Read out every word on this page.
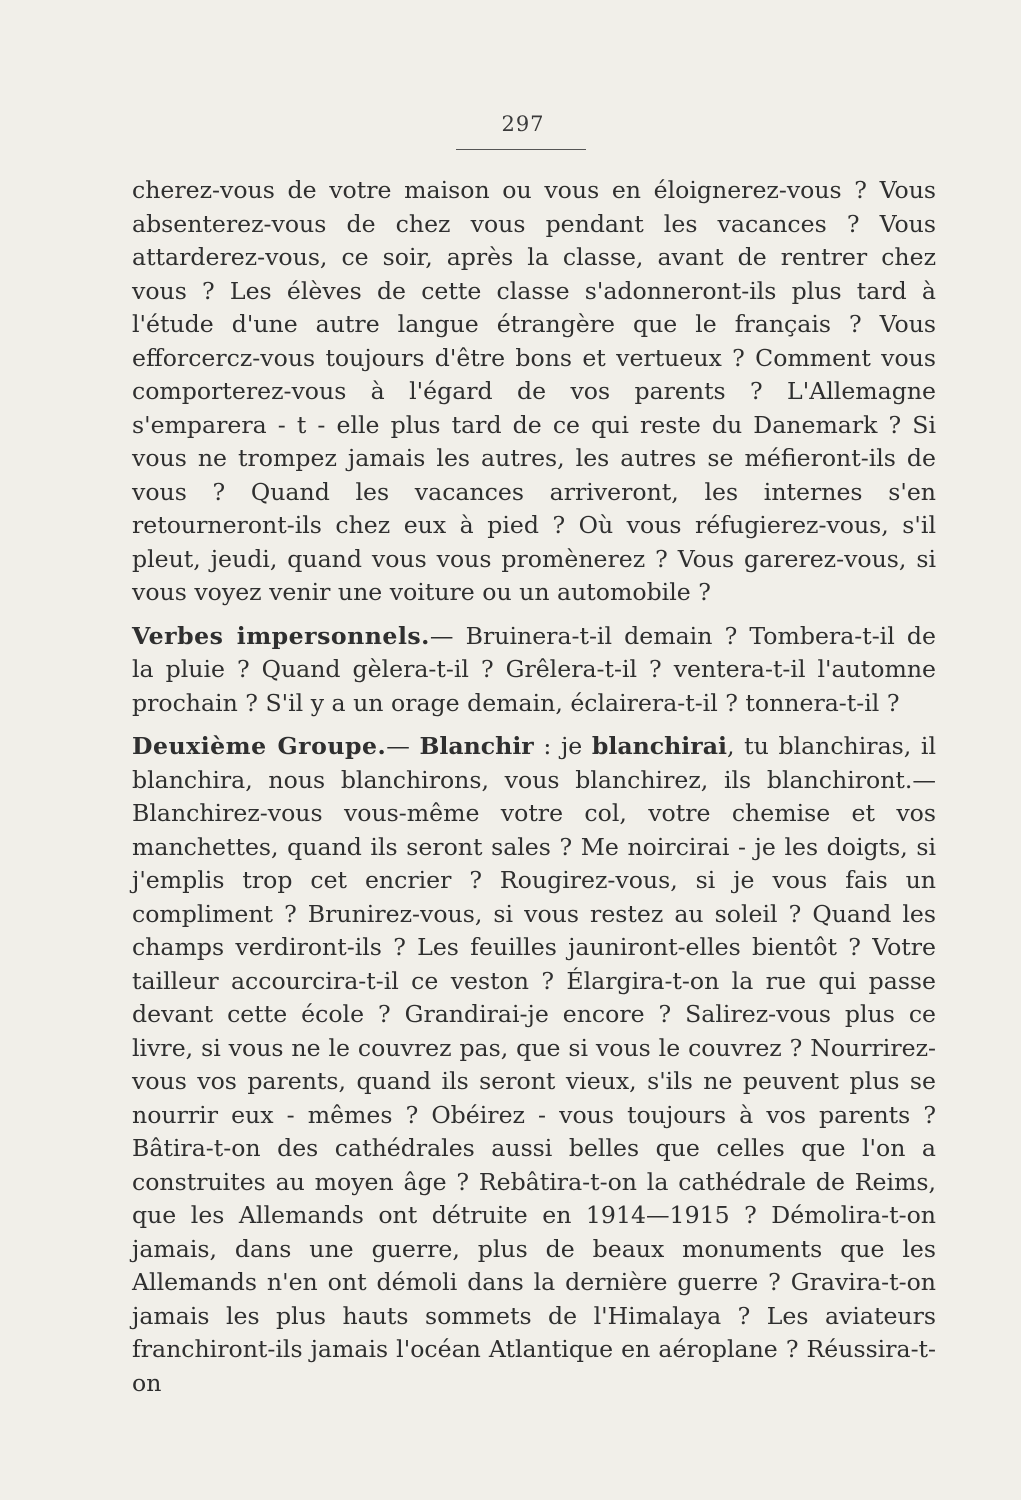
297

cherez-vous de votre maison ou vous en éloignerez-vous ? Vous absenterez-vous de chez vous pendant les vacances ? Vous attarderez-vous, ce soir, après la classe, avant de rentrer chez vous ? Les élèves de cette classe s'adonneront-ils plus tard à l'étude d'une autre langue étrangère que le français ? Vous efforcercz-vous toujours d'être bons et vertueux ? Comment vous comporterez-vous à l'égard de vos parents ? L'Allemagne s'emparera - t - elle plus tard de ce qui reste du Danemark ? Si vous ne trompez jamais les autres, les autres se méfieront-ils de vous ? Quand les vacances arriveront, les internes s'en retourneront-ils chez eux à pied ? Où vous réfugierez-vous, s'il pleut, jeudi, quand vous vous promènerez ? Vous garerez-vous, si vous voyez venir une voiture ou un automobile ?

Verbes impersonnels.— Bruinera-t-il demain ? Tombera-t-il de la pluie ? Quand gèlera-t-il ? Grêlera-t-il ? ventera-t-il l'automne prochain ? S'il y a un orage demain, éclairera-t-il ? tonnera-t-il ?

Deuxième Groupe.— Blanchir : je blanchirai, tu blanchiras, il blanchira, nous blanchirons, vous blanchirez, ils blanchiront.— Blanchirez-vous vous-même votre col, votre chemise et vos manchettes, quand ils seront sales ? Me noircirai - je les doigts, si j'emplis trop cet encrier ? Rougirez-vous, si je vous fais un compliment ? Brunirez-vous, si vous restez au soleil ? Quand les champs verdiront-ils ? Les feuilles jauniront-elles bientôt ? Votre tailleur accourcira-t-il ce veston ? Élargira-t-on la rue qui passe devant cette école ? Grandirai-je encore ? Salirez-vous plus ce livre, si vous ne le couvrez pas, que si vous le couvrez ? Nourrirez-vous vos parents, quand ils seront vieux, s'ils ne peuvent plus se nourrir eux - mêmes ? Obéirez - vous toujours à vos parents ? Bâtira-t-on des cathédrales aussi belles que celles que l'on a construites au moyen âge ? Rebâtira-t-on la cathédrale de Reims, que les Allemands ont détruite en 1914—1915 ? Démolira-t-on jamais, dans une guerre, plus de beaux monuments que les Allemands n'en ont démoli dans la dernière guerre ? Gravira-t-on jamais les plus hauts sommets de l'Himalaya ? Les aviateurs franchiront-ils jamais l'océan Atlantique en aéroplane ? Réussira-t-on
